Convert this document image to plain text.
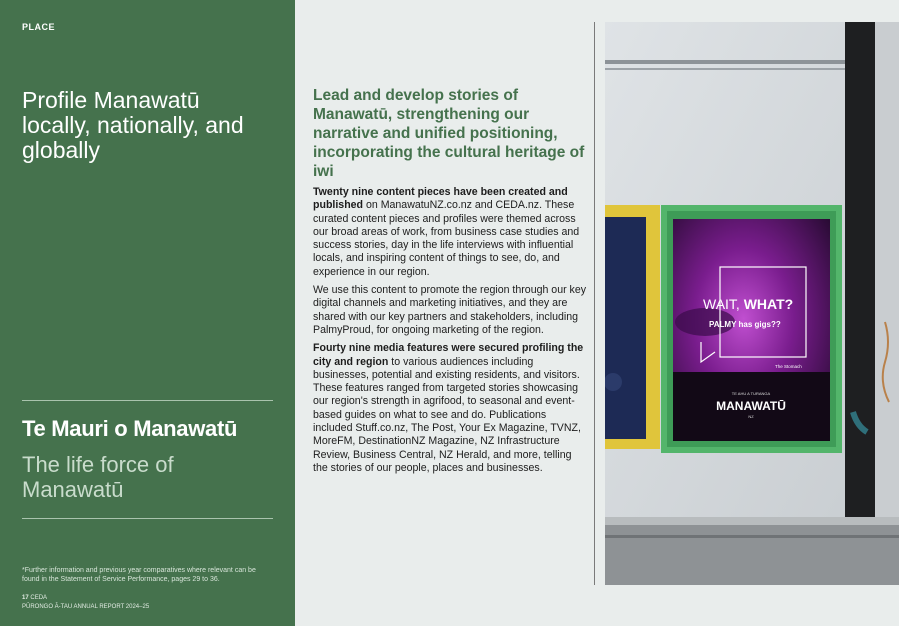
PLACE
Profile Manawatū locally, nationally, and globally
Te Mauri o Manawatū
The life force of Manawatū
*Further information and previous year comparatives where relevant can be found in the Statement of Service Performance, pages 29 to 36.
17 CEDA
PŪRONGO Ā-TAU ANNUAL REPORT 2024–25
Lead and develop stories of Manawatū, strengthening our narrative and unified positioning, incorporating the cultural heritage of iwi

Twenty nine content pieces have been created and published on ManawatuNZ.co.nz and CEDA.nz. These curated content pieces and profiles were themed across our broad areas of work, from business case studies and success stories, day in the life interviews with influential locals, and inspiring content of things to see, do, and experience in our region.

We use this content to promote the region through our key digital channels and marketing initiatives, and they are shared with our key partners and stakeholders, including PalmyProud, for ongoing marketing of the region.

Fourty nine media features were secured profiling the city and region to various audiences including businesses, potential and existing residents, and visitors. These features ranged from targeted stories showcasing our region's strength in agrifood, to seasonal and event-based guides on what to see and do. Publications included Stuff.co.nz, The Post, Your Ex Magazine, TVNZ, MoreFM, DestinationNZ Magazine, NZ Infrastructure Review, Business Central, NZ Herald, and more, telling the stories of our people, places and businesses.

WAIT, WHAT?
PALMY has gigs??
The Stomach
TE AHU A TURANGA
MANAWATŪ
NZ
